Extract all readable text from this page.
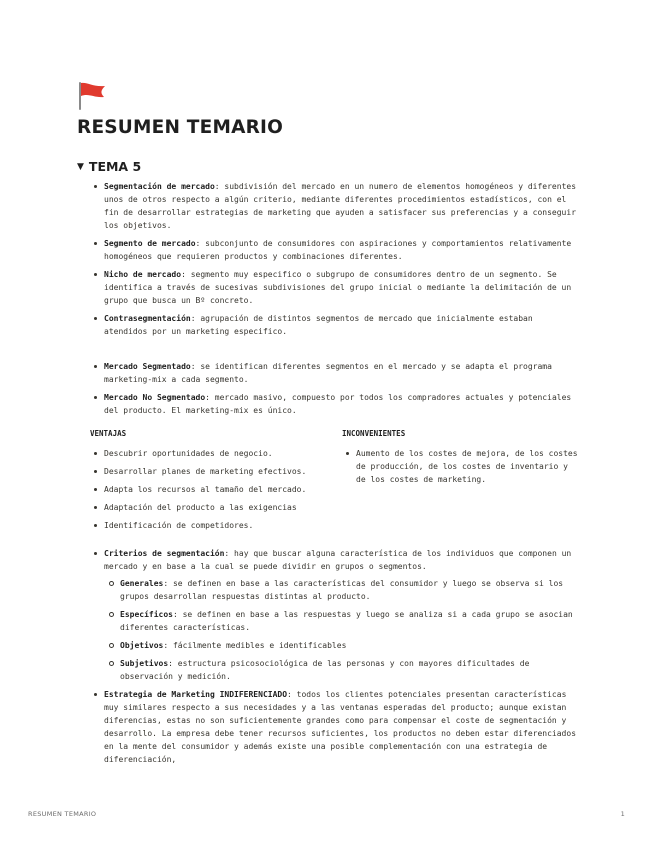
RESUMEN TEMARIO
▼ TEMA 5
Segmentación de mercado: subdivisión del mercado en un numero de elementos homogéneos y diferentes unos de otros respecto a algún criterio, mediante diferentes procedimientos estadísticos, con el fin de desarrollar estrategias de marketing que ayuden a satisfacer sus preferencias y a conseguir los objetivos.
Segmento de mercado: subconjunto de consumidores con aspiraciones y comportamientos relativamente homogéneos que requieren productos y combinaciones diferentes.
Nicho de mercado: segmento muy especifico o subgrupo de consumidores dentro de un segmento. Se identifica a través de sucesivas subdivisiones del grupo inicial o mediante la delimitación de un grupo que busca un Bº concreto.
Contrasegmentación: agrupación de distintos segmentos de mercado que inicialmente estaban atendidos por un marketing especifico.
Mercado Segmentado: se identifican diferentes segmentos en el mercado y se adapta el programa marketing-mix a cada segmento.
Mercado No Segmentado: mercado masivo, compuesto por todos los compradores actuales y potenciales del producto. El marketing-mix es único.
VENTAJAS
Descubrir oportunidades de negocio.
Desarrollar planes de marketing efectivos.
Adapta los recursos al tamaño del mercado.
Adaptación del producto a las exigencias
Identificación de competidores.
INCONVENIENTES
Aumento de los costes de mejora, de los costes de producción, de los costes de inventario y de los costes de marketing.
Criterios de segmentación: hay que buscar alguna característica de los individuos que componen un mercado y en base a la cual se puede dividir en grupos o segmentos.
Generales: se definen en base a las características del consumidor y luego se observa si los grupos desarrollan respuestas distintas al producto.
Específicos: se definen en base a las respuestas y luego se analiza si a cada grupo se asocian diferentes características.
Objetivos: fácilmente medibles e identificables
Subjetivos: estructura psicosociológica de las personas y con mayores dificultades de observación y medición.
Estrategia de Marketing INDIFERENCIADO: todos los clientes potenciales presentan características muy similares respecto a sus necesidades y a las ventanas esperadas del producto; aunque existan diferencias, estas no son suficientemente grandes como para compensar el coste de segmentación y desarrollo. La empresa debe tener recursos suficientes, los productos no deben estar diferenciados en la mente del consumidor y además existe una posible complementación con una estrategia de diferenciación,
RESUMEN TEMARIO	1
